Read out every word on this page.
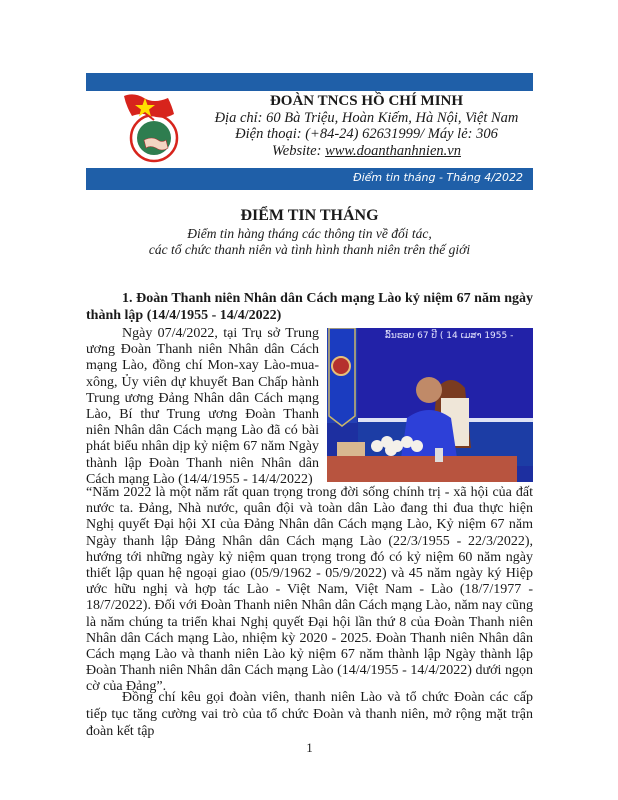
ĐOÀN TNCS HỒ CHÍ MINH
Địa chỉ: 60 Bà Triệu, Hoàn Kiếm, Hà Nội, Việt Nam
Điện thoại: (+84-24) 62631999/ Máy lẻ: 306
Website: www.doanthanhnien.vn
Điểm tin tháng - Tháng 4/2022
ĐIỂM TIN THÁNG
Điểm tin hàng tháng các thông tin về đối tác,
các tổ chức thanh niên và tình hình thanh niên trên thế giới
1. Đoàn Thanh niên Nhân dân Cách mạng Lào kỷ niệm 67 năm ngày thành lập (14/4/1955 - 14/4/2022)
Ngày 07/4/2022, tại Trụ sở Trung ương Đoàn Thanh niên Nhân dân Cách mạng Lào, đồng chí Mon-xay Lào-mua-xông, Ủy viên dự khuyết Ban Chấp hành Trung ương Đảng Nhân dân Cách mạng Lào, Bí thư Trung ương Đoàn Thanh niên Nhân dân Cách mạng Lào đã có bài phát biểu nhân dịp kỷ niệm 67 năm Ngày thành lập Đoàn Thanh niên Nhân dân Cách mạng Lào (14/4/1955 - 14/4/2022)
ລົ້ນຮອບ 67 ປີ ( 14 ເມສາ 1955 -
“Năm 2022 là một năm rất quan trọng trong đời sống chính trị - xã hội của đất nước ta. Đảng, Nhà nước, quân đội và toàn dân Lào đang thi đua thực hiện Nghị quyết Đại hội XI của Đảng Nhân dân Cách mạng Lào, Kỷ niệm 67 năm Ngày thanh lập Đảng Nhân dân Cách mạng Lào (22/3/1955 - 22/3/2022), hướng tới những ngày kỷ niệm quan trọng trong đó có kỷ niệm 60 năm ngày thiết lập quan hệ ngoại giao (05/9/1962 - 05/9/2022) và 45 năm ngày ký Hiệp ước hữu nghị và hợp tác Lào - Việt Nam, Việt Nam - Lào (18/7/1977 - 18/7/2022). Đối với Đoàn Thanh niên Nhân dân Cách mạng Lào, năm nay cũng là năm chúng ta triển khai Nghị quyết Đại hội lần thứ 8 của Đoàn Thanh niên Nhân dân Cách mạng Lào, nhiệm kỳ 2020 - 2025. Đoàn Thanh niên Nhân dân Cách mạng Lào và thanh niên Lào kỷ niệm 67 năm thành lập Ngày thành lập Đoàn Thanh niên Nhân dân Cách mạng Lào (14/4/1955 - 14/4/2022) dưới ngọn cờ của Đảng”.
Đồng chí kêu gọi đoàn viên, thanh niên Lào và tổ chức Đoàn các cấp tiếp tục tăng cường vai trò của tổ chức Đoàn và thanh niên, mở rộng mặt trận đoàn kết tập
1
